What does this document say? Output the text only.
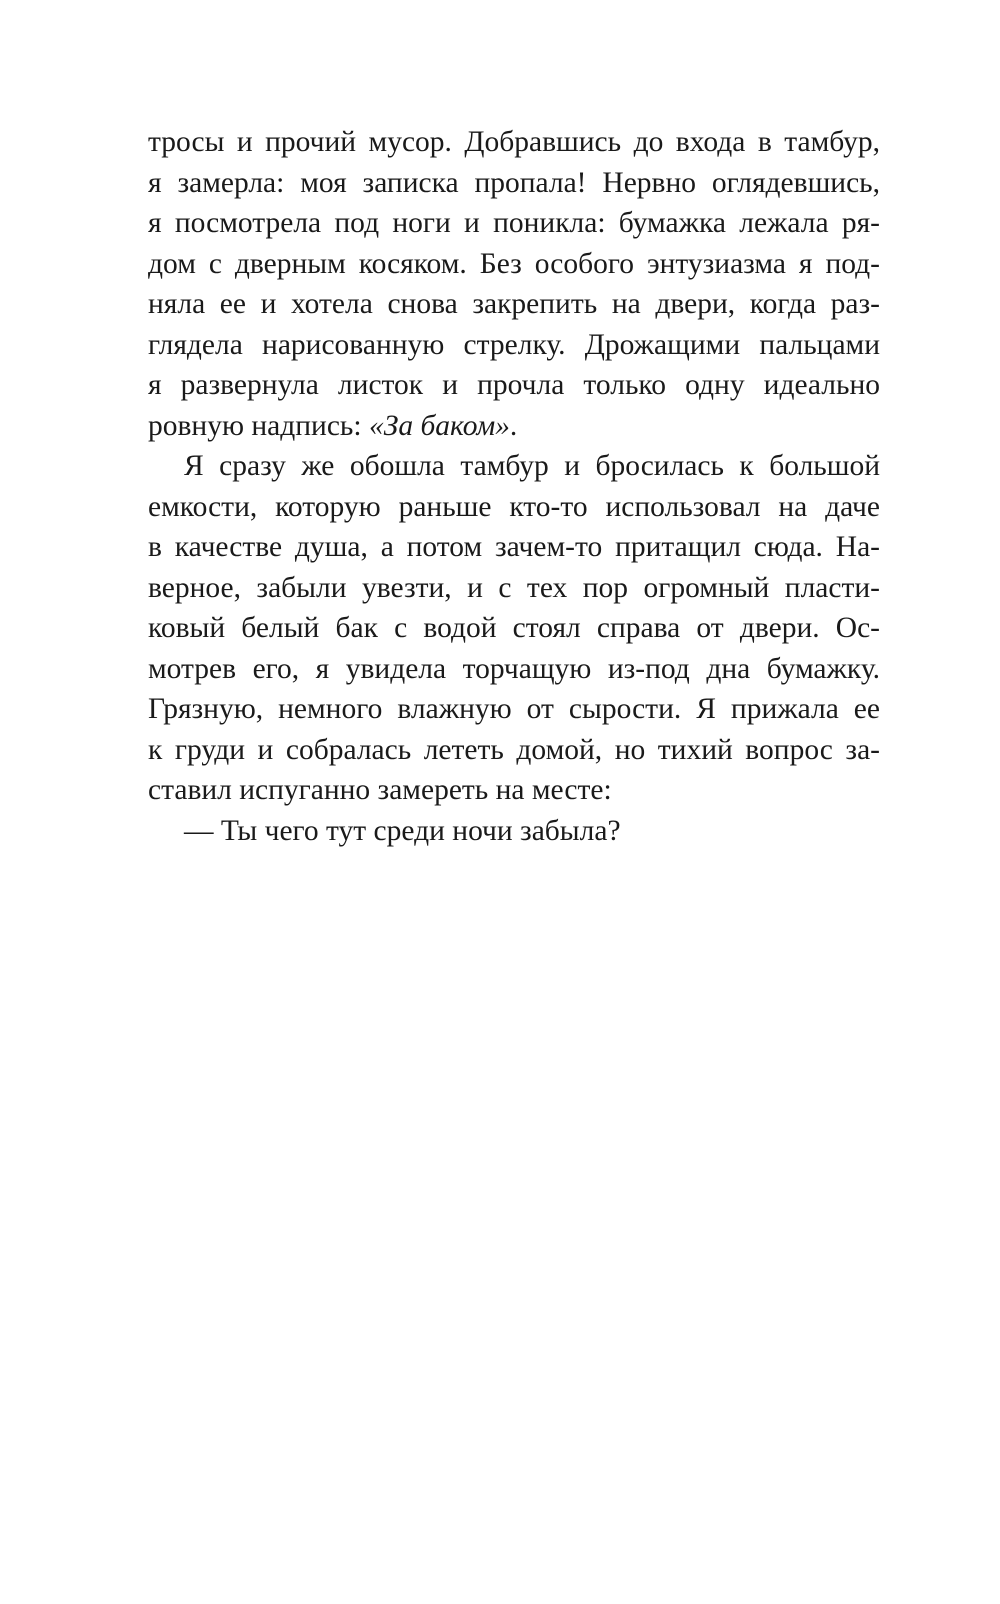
тросы и прочий мусор. Добравшись до входа в тамбур,
я замерла: моя записка пропала! Нервно оглядевшись,
я посмотрела под ноги и поникла: бумажка лежала ря-
дом с дверным косяком. Без особого энтузиазма я под-
няла ее и хотела снова закрепить на двери, когда раз-
глядела нарисованную стрелку. Дрожащими пальцами
я развернула листок и прочла только одну идеально
ровную надпись: «За баком».
Я сразу же обошла тамбур и бросилась к большой
емкости, которую раньше кто-то использовал на даче
в качестве душа, а потом зачем-то притащил сюда. На-
верное, забыли увезти, и с тех пор огромный пласти-
ковый белый бак с водой стоял справа от двери. Ос-
мотрев его, я увидела торчащую из-под дна бумажку.
Грязную, немного влажную от сырости. Я прижала ее
к груди и собралась лететь домой, но тихий вопрос за-
ставил испуганно замереть на месте:
— Ты чего тут среди ночи забыла?
